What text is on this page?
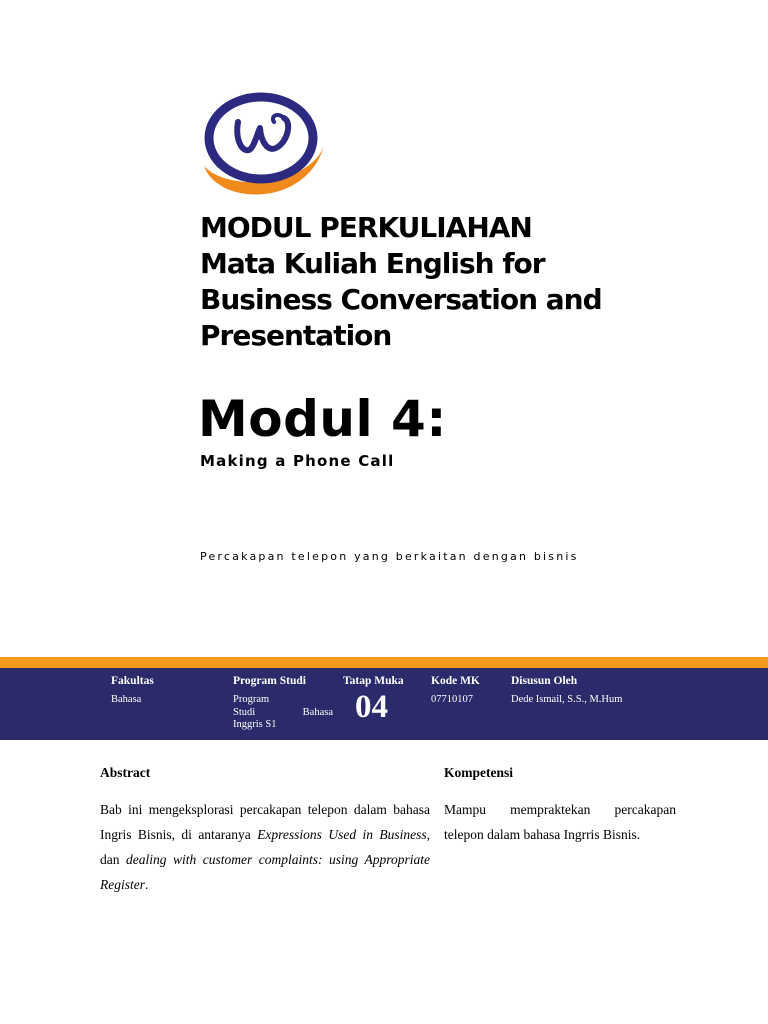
MODUL PERKULIAHAN
Mata Kuliah English for
Business Conversation and
Presentation
Modul 4:
Making a Phone Call
Percakapan telepon yang berkaitan dengan bisnis
Fakultas
Bahasa
Program Studi
Program
Studi	Bahasa
Inggris S1
Tatap Muka
04
Kode MK
07710107
Disusun Oleh
Dede Ismail, S.S., M.Hum
Abstract
Bab ini mengeksplorasi percakapan telepon dalam bahasa Ingris Bisnis, di antaranya Expressions Used in Business, dan dealing with customer complaints: using Appropriate Register.
Kompetensi
Mampu mempraktekan percakapan telepon dalam bahasa Ingrris Bisnis.
